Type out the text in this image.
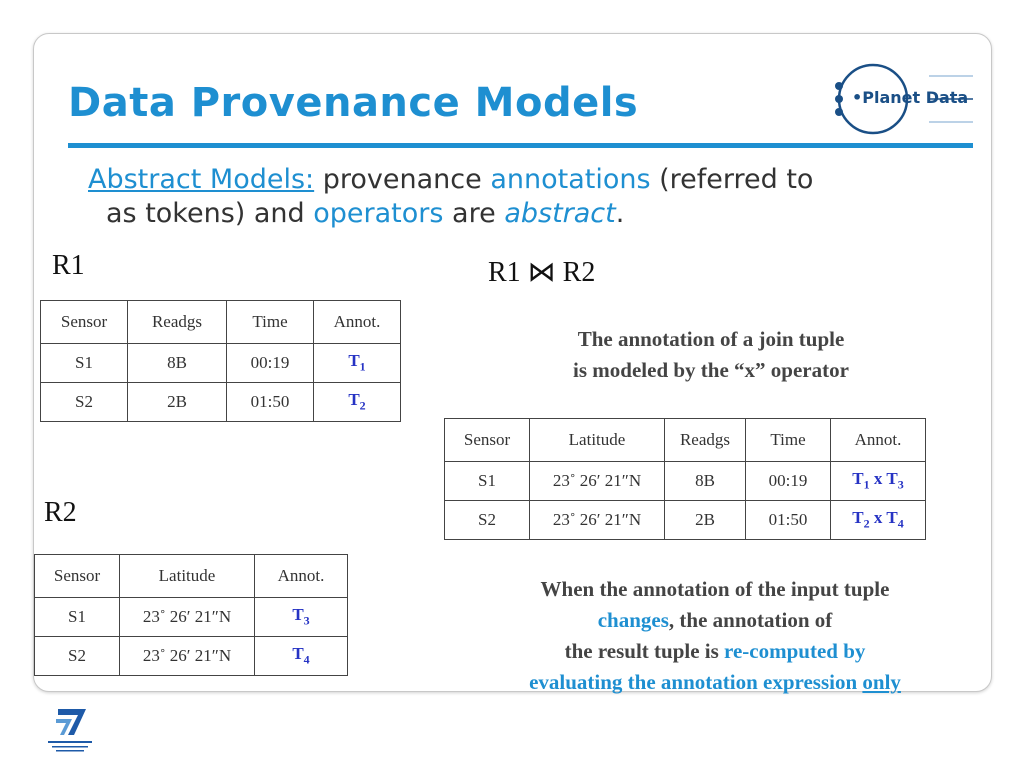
Data Provenance Models	•Planet Data
Abstract Models: provenance annotations (referred to
as tokens) and operators are abstract.
R1
Sensor	Readgs	Time	Annot.
S1	8B	00:19	$T_1$
S2	2B	01:50	$T_2$
R2
Sensor	Latitude	Annot.
S1	23˚ 26′ 21″N	$T_3$
S2	23˚ 26′ 21″N	$T_4$
R1 ⋈ R2
The annotation of a join tuple
is modeled by the “x” operator
Sensor	Latitude	Readgs	Time	Annot.
S1	23˚ 26′ 21″N	8B	00:19	$T_1$ x $T_3$
S2	23˚ 26′ 21″N	2B	01:50	$T_2$ x $T_4$
When the annotation of the input tuple
changes, the annotation of
the result tuple is re-computed by
evaluating the annotation expression only
